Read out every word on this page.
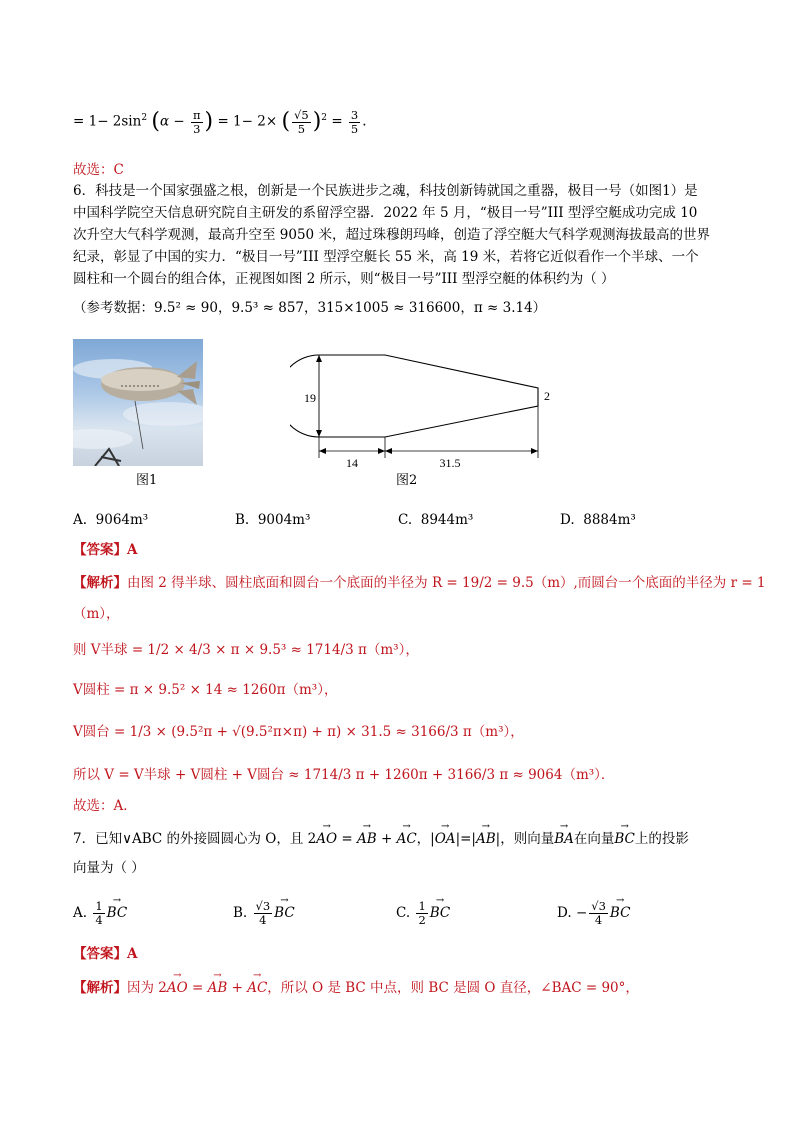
= $1- 2\sin^2$ ($\alpha - \frac{\pi}{3}$ ) = 1− 2× ( $\frac{√5}{5} )^2 = \frac{3}{5}$ .
故选：C
6．科技是一个国家强盛之根，创新是一个民族进步之魂，科技创新铸就国之重器，极目一号（如图1）是
中国科学院空天信息研究院自主研发的系留浮空器．2022 年 5 月，“极目一号”III 型浮空艇成功完成 10
次升空大气科学观测，最高升空至 9050 米，超过珠穆朗玛峰，创造了浮空艇大气科学观测海拔最高的世界
纪录，彰显了中国的实力．“极目一号”III 型浮空艇长 55 米，高 19 米，若将它近似看作一个半球、一个
圆柱和一个圆台的组合体，正视图如图 2 所示，则“极目一号”III 型浮空艇的体积约为（ ）
（参考数据：9.5² ≈ 90，9.5³ ≈ 857，315×1005 ≈ 316600，π ≈ 3.14）
19	2
14	31.5
图1	图2
A. 9064m³	B. 9004m³	C. 8944m³	D. 8884m³
【答案】A
【解析】由图 2 得半球、圆柱底面和圆台一个底面的半径为 R = 19/2 = 9.5（m）,而圆台一个底面的半径为 r = 1
（m），
则 V半球 = 1/2 × 4/3 × π × 9.5³ ≈ 1714/3 π（m³），
V圆柱 = π × 9.5² × 14 ≈ 1260π（m³），
V圆台 = 1/3 × (9.5²π + √(9.5²π×π) + π) × 31.5 ≈ 3166/3 π（m³），
所以 V = V半球 + V圆柱 + V圆台 ≈ 1714/3 π + 1260π + 3166/3 π ≈ 9064（m³）．
故选：A．
7．已知∨ABC 的外接圆圆心为 O，且 2→ AO = → AB + → AC，|→ OA|=|→ AB|，则向量→ BA在向量→ BC上的投影
向量为（ ）
A. $\frac{1}{4}$ → BC	B. $\frac{√3}{4}$ → BC	C. $\frac{1}{2}$ → BC	D. − $\frac{√3}{4}$ → BC
【答案】A
【解析】因为 2→ AO = → AB + → AC，所以 O 是 BC 中点，则 BC 是圆 O 直径，∠BAC = 90°，
